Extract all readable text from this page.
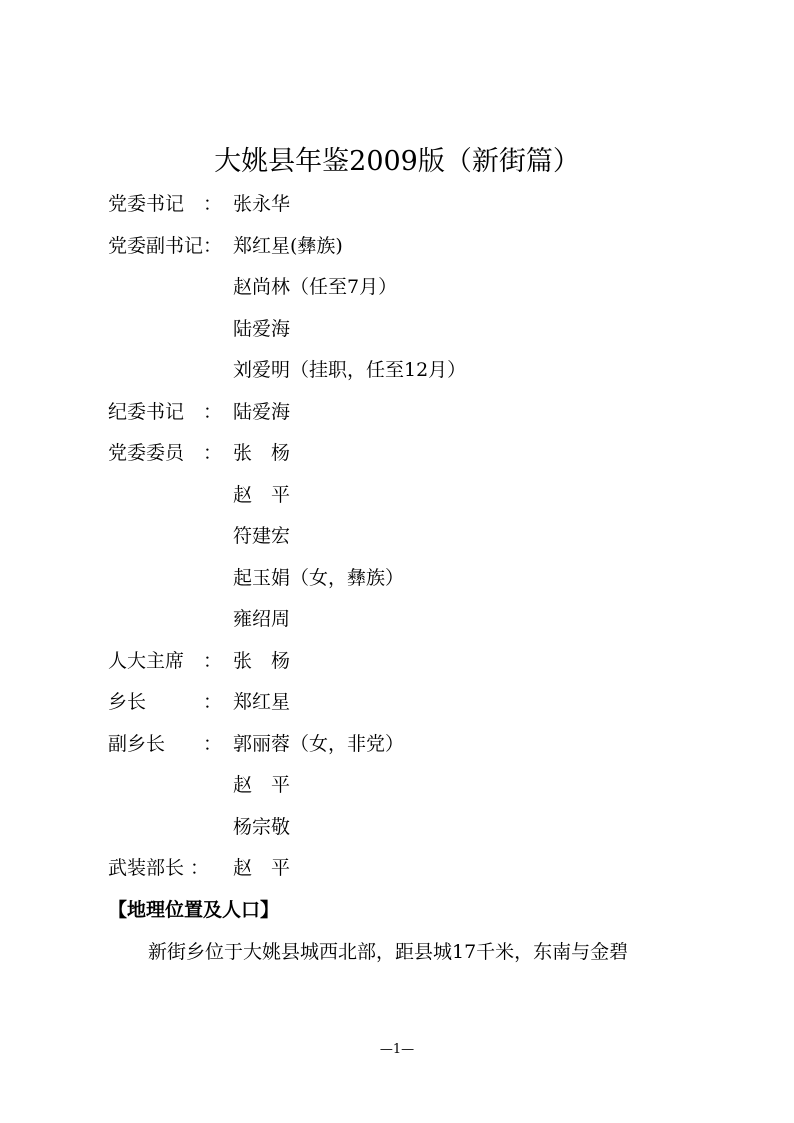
大姚县年鉴2009版（新街篇）
党委书记　： 张永华
党委副书记： 郑红星(彝族)
赵尚林（任至7月）
陆爱海
刘爱明（挂职，任至12月）
纪委书记　： 陆爱海
党委委员　： 张　杨
赵　平
符建宏
起玉娟（女，彝族）
雍绍周
人大主席　： 张　杨
乡长　　　： 郑红星
副乡长　　： 郭丽蓉（女，非党）
赵　平
杨宗敬
武装部长 ： 赵　平
【地理位置及人口】
新街乡位于大姚县城西北部，距县城17千米，东南与金碧
—1—
